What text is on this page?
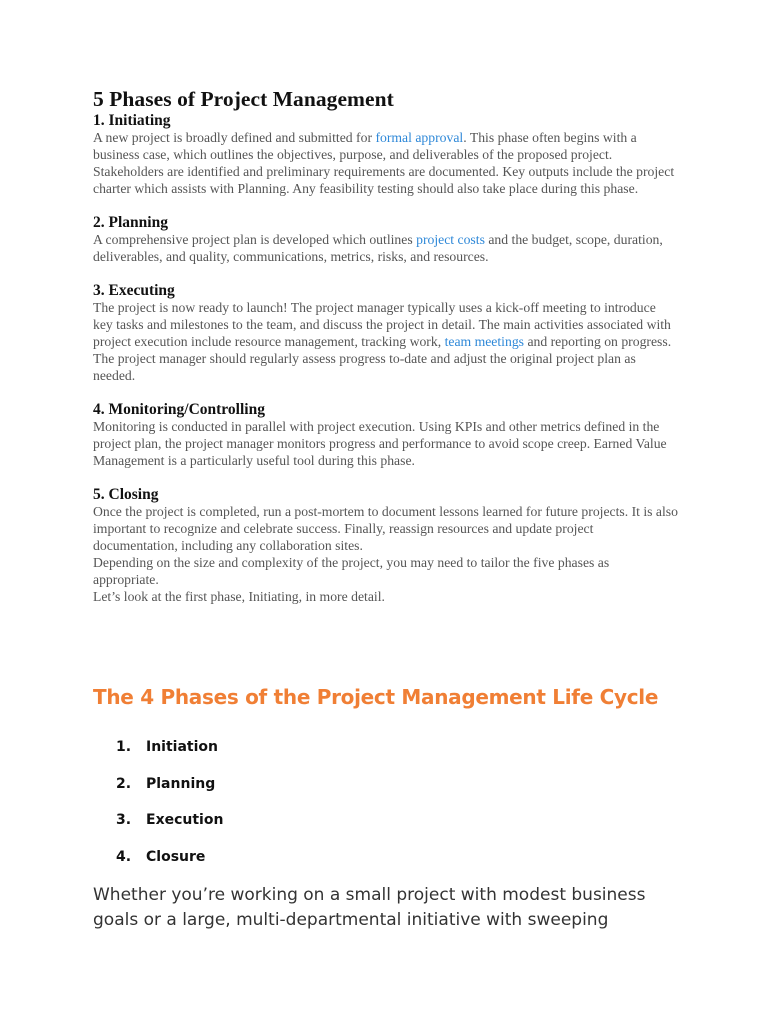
5 Phases of Project Management
1. Initiating

A new project is broadly defined and submitted for formal approval. This phase often begins with a business case, which outlines the objectives, purpose, and deliverables of the proposed project. Stakeholders are identified and preliminary requirements are documented. Key outputs include the project charter which assists with Planning. Any feasibility testing should also take place during this phase.

2. Planning

A comprehensive project plan is developed which outlines project costs and the budget, scope, duration, deliverables, and quality, communications, metrics, risks, and resources.

3. Executing

The project is now ready to launch! The project manager typically uses a kick-off meeting to introduce key tasks and milestones to the team, and discuss the project in detail. The main activities associated with project execution include resource management, tracking work, team meetings and reporting on progress. The project manager should regularly assess progress to-date and adjust the original project plan as needed.

4. Monitoring/Controlling

Monitoring is conducted in parallel with project execution. Using KPIs and other metrics defined in the project plan, the project manager monitors progress and performance to avoid scope creep. Earned Value Management is a particularly useful tool during this phase.

5. Closing

Once the project is completed, run a post-mortem to document lessons learned for future projects. It is also important to recognize and celebrate success. Finally, reassign resources and update project documentation, including any collaboration sites.

Depending on the size and complexity of the project, you may need to tailor the five phases as appropriate.

Let’s look at the first phase, Initiating, in more detail.

The 4 Phases of the Project Management Life Cycle
1. Initiation
2. Planning
3. Execution
4. Closure

Whether you’re working on a small project with modest business goals or a large, multi-departmental initiative with sweeping
